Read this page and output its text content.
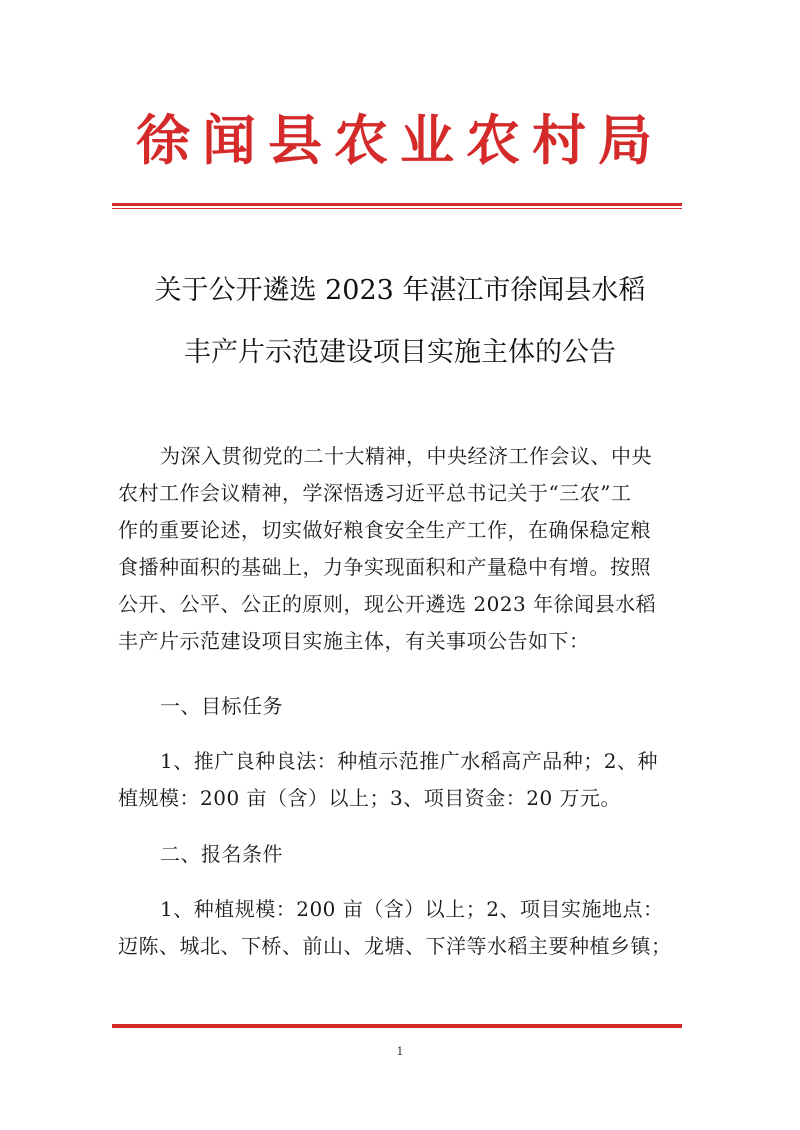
徐闻县农业农村局
关于公开遴选 2023 年湛江市徐闻县水稻
丰产片示范建设项目实施主体的公告
为深入贯彻党的二十大精神，中央经济工作会议、中央
农村工作会议精神，学深悟透习近平总书记关于“三农”工
作的重要论述，切实做好粮食安全生产工作，在确保稳定粮
食播种面积的基础上，力争实现面积和产量稳中有增。按照
公开、公平、公正的原则，现公开遴选 2023 年徐闻县水稻
丰产片示范建设项目实施主体，有关事项公告如下：
一、目标任务
1、推广良种良法：种植示范推广水稻高产品种；2、种
植规模：200 亩（含）以上；3、项目资金：20 万元。
二、报名条件
1、种植规模：200 亩（含）以上；2、项目实施地点：
迈陈、城北、下桥、前山、龙塘、下洋等水稻主要种植乡镇；
1
